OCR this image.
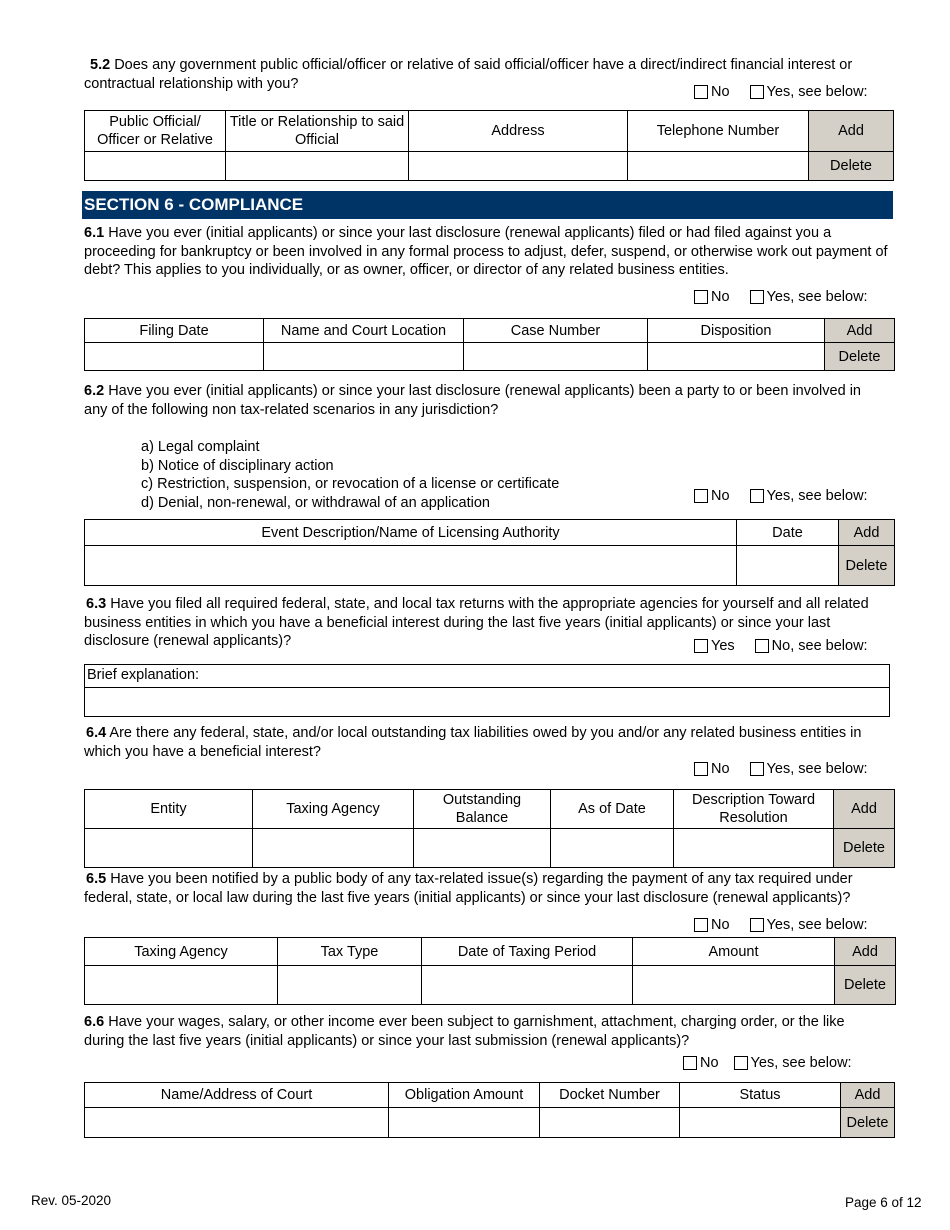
5.2 Does any government public official/officer or relative of said official/officer have a direct/indirect financial interest or contractual relationship with you?
No	Yes, see below:
Public Official/ Officer or Relative	Title or Relationship to said Official	Address	Telephone Number	Add
				Delete
SECTION 6 - COMPLIANCE
6.1 Have you ever (initial applicants) or since your last disclosure (renewal applicants) filed or had filed against you a proceeding for bankruptcy or been involved in any formal process to adjust, defer, suspend, or otherwise work out payment of debt? This applies to you individually, or as owner, officer, or director of any related business entities.
No	Yes, see below:
Filing Date	Name and Court Location	Case Number	Disposition	Add
				Delete
6.2 Have you ever (initial applicants) or since your last disclosure (renewal applicants) been a party to or been involved in any of the following non tax-related scenarios in any jurisdiction?
a) Legal complaint
b) Notice of disciplinary action
c) Restriction, suspension, or revocation of a license or certificate
d) Denial, non-renewal, or withdrawal of an application	No	Yes, see below:
Event Description/Name of Licensing Authority	Date	Add
		Delete
6.3 Have you filed all required federal, state, and local tax returns with the appropriate agencies for yourself and all related business entities in which you have a beneficial interest during the last five years (initial applicants) or since your last disclosure (renewal applicants)?	Yes	No, see below:
Brief explanation:
6.4 Are there any federal, state, and/or local outstanding tax liabilities owed by you and/or any related business entities in which you have a beneficial interest?
No	Yes, see below:
Entity	Taxing Agency	Outstanding Balance	As of Date	Description Toward Resolution	Add
					Delete
6.5 Have you been notified by a public body of any tax-related issue(s) regarding the payment of any tax required under federal, state, or local law during the last five years (initial applicants) or since your last disclosure (renewal applicants)?
No	Yes, see below:
Taxing Agency	Tax Type	Date of Taxing Period	Amount	Add
				Delete
6.6 Have your wages, salary, or other income ever been subject to garnishment, attachment, charging order, or the like during the last five years (initial applicants) or since your last submission (renewal applicants)?
No Yes, see below:
Name/Address of Court	Obligation Amount	Docket Number	Status	Add
				Delete
Rev. 05-2020	Page 6 of 12
